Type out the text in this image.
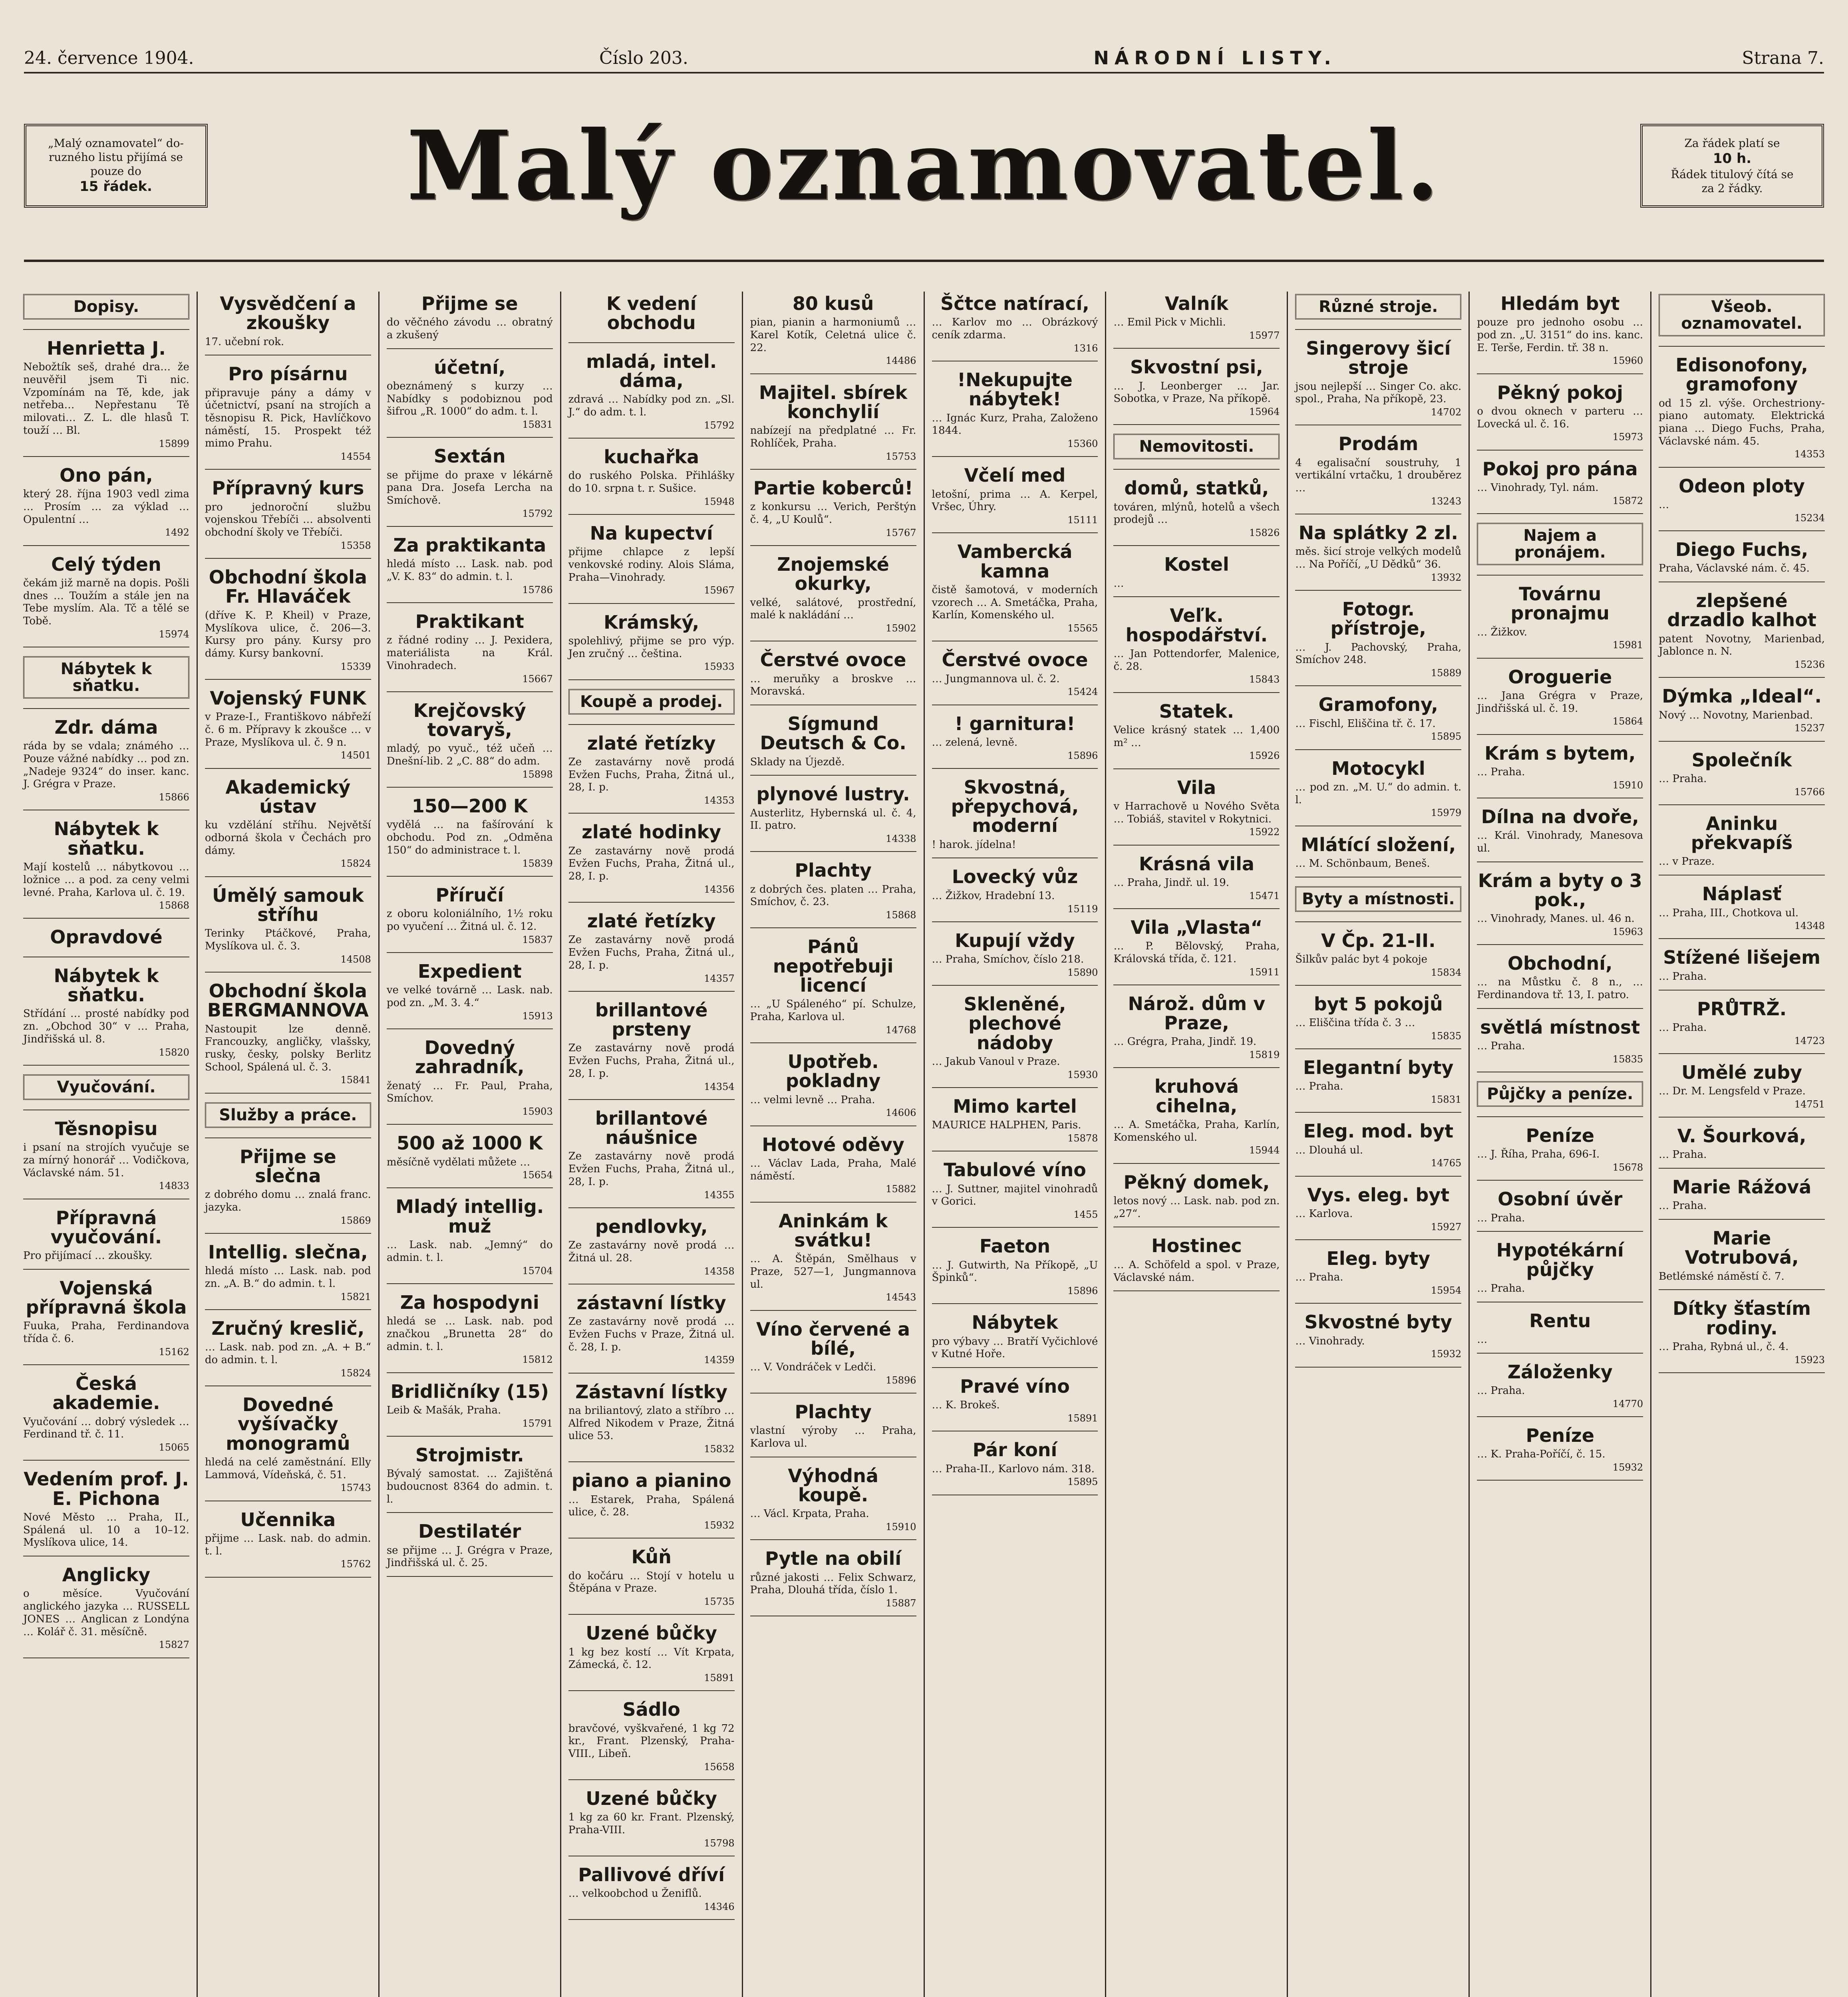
24. července 1904.	Číslo 203.	NÁRODNÍ LISTY.	Strana 7.
„Malý oznamovatel“ do-
ruzného listu přijímá se
pouze do
15 řádek.	Malý oznamovatel.	Za řádek platí se
10 h.
Řádek titulový čítá se
za 2 řádky.
Dopisy.
Henrietta J.

Nebožtík seš, drahé dra… že neuvěřil jsem Ti nic. Vzpomínám na Tě, kde, jak netřeba… Nepřestanu Tě milovati… Z. L. dle hlasů T. touží … Bl.

15899
Ono pán,

který 28. října 1903 vedl zima … Prosím … za výklad … Opulentní …

1492
Celý týden

čekám již marně na dopis. Pošli dnes … Toužím a stále jen na Tebe myslím. Ala. Tč a tělé se Tobě.

15974
Nábytek k sňatku.
Zdr. dáma

ráda by se vdala; známého … Pouze vážné nabídky … pod zn. „Nadeje 9324“ do inser. kanc. J. Grégra v Praze.

15866
Nábytek k sňatku.

Mají kostelů … nábytkovou … ložnice … a pod. za ceny velmi levné. Praha, Karlova ul. č. 19.

15868
Opravdové
Nábytek k sňatku.

Střídání … prosté nabídky pod zn. „Obchod 30“ v … Praha, Jindřišská ul. 8.

15820
Vyučování.
Těsnopisu

i psaní na strojích vyučuje se za mírný honorář … Vodičkova, Václavské nám. 51.

14833
Přípravná vyučování.

Pro přijímací … zkoušky.

Vojenská přípravná škola

Fuuka, Praha, Ferdinandova třída č. 6.

15162
Česká akademie.

Vyučování … dobrý výsledek … Ferdinand tř. č. 11.

15065
Vedením prof. J. E. Pichona

Nové Město … Praha, II., Spálená ul. 10 a 10–12. Myslíkova ulice, 14.

Anglicky

o měsíce. Vyučování anglického jazyka … RUSSELL JONES … Anglican z Londýna … Kolář č. 31. měsíčně.

15827
Vysvědčení a zkoušky

17. učební rok.

Pro písárnu

připravuje pány a dámy v účetnictví, psaní na strojích a těsnopisu R. Pick, Havlíčkovo náměstí, 15. Prospekt též mimo Prahu.

14554
Přípravný kurs

pro jednoroční službu vojenskou Třebíči … absolventi obchodní školy ve Třebíči.

15358
Obchodní škola Fr. Hlaváček

(dříve K. P. Kheil) v Praze, Myslíkova ulice, č. 206—3. Kursy pro pány. Kursy pro dámy. Kursy bankovní.

15339
Vojenský FUNK

v Praze-I., Františkovo nábřeží č. 6 m. Přípravy k zkoušce … v Praze, Myslíkova ul. č. 9 n.

14501
Akademický ústav

ku vzdělání stříhu. Největší odborná škola v Čechách pro dámy.

15824
Úmělý samouk stříhu

Terinky Ptáčkové, Praha, Myslíkova ul. č. 3.

14508
Obchodní škola BERGMANNOVA

Nastoupit lze denně. Francouzky, angličky, vlašsky, rusky, česky, polsky Berlitz School, Spálená ul. č. 3.

15841
Služby a práce.
Přijme se slečna

z dobrého domu … znalá franc. jazyka.

15869
Intellig. slečna,

hledá místo … Lask. nab. pod zn. „A. B.“ do admin. t. l.

15821
Zručný kreslič,

… Lask. nab. pod zn. „A. + B.“ do admin. t. l.

15824
Dovedné vyšívačky monogramů

hledá na celé zaměstnání. Elly Lammová, Vídeňská, č. 51.

15743
Učennika

přijme … Lask. nab. do admin. t. l.

15762
Přijme se

do věčného závodu … obratný a zkušený

účetní,

obeznámený s kurzy … Nabídky s podobiznou pod šifrou „R. 1000“ do adm. t. l.

15831
Sextán

se přijme do praxe v lékárně pana Dra. Josefa Lercha na Smíchově.

15792
Za praktikanta

hledá místo … Lask. nab. pod „V. K. 83“ do admin. t. l.

15786
Praktikant

z řádné rodiny … J. Pexidera, materiálista na Král. Vinohradech.

15667
Krejčovský tovaryš,

mladý, po vyuč., též učeň … Dnešní-lib. 2 „C. 88“ do adm.

15898
150—200 K

vydělá … na fašírování k obchodu. Pod zn. „Odměna 150“ do administrace t. l.

15839
Příručí

z oboru koloniálního, 1½ roku po vyučení … Žitná ul. č. 12.

15837
Expedient

ve velké továrně … Lask. nab. pod zn. „M. 3. 4.“

15913
Dovedný zahradník,

ženatý … Fr. Paul, Praha, Smíchov.

15903
500 až 1000 K

měsíčně vydělati můžete …

15654
Mladý intellig. muž

… Lask. nab. „Jemný“ do admin. t. l.

15704
Za hospodyni

hledá se … Lask. nab. pod značkou „Brunetta 28“ do admin. t. l.

15812
Bridličníky (15)

Leib & Mašák, Praha.

15791
Strojmistr.

Bývalý samostat. … Zajištěná budoucnost 8364 do admin. t. l.

Destilatér

se přijme … J. Grégra v Praze, Jindřišská ul. č. 25.

K vedení obchodu
mladá, intel. dáma,

zdravá … Nabídky pod zn. „Sl. J.“ do adm. t. l.

15792
kuchařka

do ruského Polska. Přihlášky do 10. srpna t. r. Sušice.

15948
Na kupectví

přijme chlapce z lepší venkovské rodiny. Alois Sláma, Praha—Vinohrady.

15967
Krámský,

spolehlivý, přijme se pro výp. Jen zručný … čeština.

15933
Koupě a prodej.
zlaté řetízky

Ze zastavárny nově prodá Evžen Fuchs, Praha, Žitná ul., 28, I. p.

14353
zlaté hodinky

Ze zastavárny nově prodá Evžen Fuchs, Praha, Žitná ul., 28, I. p.

14356
zlaté řetízky

Ze zastavárny nově prodá Evžen Fuchs, Praha, Žitná ul., 28, I. p.

14357
brillantové prsteny

Ze zastavárny nově prodá Evžen Fuchs, Praha, Žitná ul., 28, I. p.

14354
brillantové náušnice

Ze zastavárny nově prodá Evžen Fuchs, Praha, Žitná ul., 28, I. p.

14355
pendlovky,

Ze zastavárny nově prodá … Žitná ul. 28.

14358
zástavní lístky

Ze zastavárny nově prodá … Evžen Fuchs v Praze, Žitná ul. č. 28, I. p.

14359
Zástavní lístky

na briliantový, zlato a stříbro … Alfred Nikodem v Praze, Žitná ulice 53.

15832
piano a pianino

… Estarek, Praha, Spálená ulice, č. 28.

15932
Kůň

do kočáru … Stojí v hotelu u Štěpána v Praze.

15735
Uzené bůčky

1 kg bez kostí … Vít Krpata, Zámecká, č. 12.

15891
Sádlo

bravčové, vyškvařené, 1 kg 72 kr., Frant. Plzenský, Praha-VIII., Libeň.

15658
Uzené bůčky

1 kg za 60 kr. Frant. Plzenský, Praha-VIII.

15798
Pallivové dříví

… velkoobchod u Ženiflů.

14346
80 kusů

pian, pianin a harmoniumů … Karel Kotík, Celetná ulice č. 22.

14486
Majitel. sbírek konchylií

nabízejí na předplatné … Fr. Rohlíček, Praha.

15753
Partie koberců!

z konkursu … Verich, Perštýn č. 4, „U Koulů“.

15767
Znojemské okurky,

velké, salátové, prostřední, malé k nakládání …

15902
Čerstvé ovoce

… meruňky a broskve … Moravská.

Sígmund Deutsch & Co.

Sklady na Újezdě.

plynové lustry.

Austerlitz, Hybernská ul. č. 4, II. patro.

14338
Plachty

z dobrých čes. platen … Praha, Smíchov, č. 23.

15868
Pánů nepotřebuji licencí

… „U Spáleného“ pí. Schulze, Praha, Karlova ul.

14768
Upotřeb. pokladny

… velmi levně … Praha.

14606
Hotové oděvy

… Václav Lada, Praha, Malé náměstí.

15882
Aninkám k svátku!

… A. Štěpán, Smělhaus v Praze, 527—1, Jungmannova ul.

14543
Víno červené a bílé,

… V. Vondráček v Ledči.

15896
Plachty

vlastní výroby … Praha, Karlova ul.

Výhodná koupě.

… Václ. Krpata, Praha.

15910
Pytle na obilí

různé jakosti … Felix Schwarz, Praha, Dlouhá třída, číslo 1.

15887
Ščtce natírací,

… Karlov mo … Obrázkový ceník zdarma.

1316
!Nekupujte nábytek!

… Ignác Kurz, Praha, Založeno 1844.

15360
Včelí med

letošní, prima … A. Kerpel, Vršec, Úhry.

15111
Vambercká kamna

čistě šamotová, v moderních vzorech … A. Smetáčka, Praha, Karlín, Komenského ul.

15565
Čerstvé ovoce

… Jungmannova ul. č. 2.

15424
! garnitura!

… zelená, levně.

15896
Skvostná, přepychová, moderní

! harok. jídelna!

Lovecký vůz

… Žižkov, Hradební 13.

15119
Kupují vždy

… Praha, Smíchov, číslo 218.

15890
Skleněné, plechové nádoby

… Jakub Vanoul v Praze.

15930
Mimo kartel

MAURICE HALPHEN, Paris.

15878
Tabulové víno

… J. Suttner, majitel vinohradů v Gorici.

1455
Faeton

… J. Gutwirth, Na Příkopě, „U Špinků“.

15896
Nábytek

pro výbavy … Bratří Vyčichlové v Kutné Hoře.

Pravé víno

… K. Brokeš.

15891
Pár koní

… Praha-II., Karlovo nám. 318.

15895
Valník

… Emil Pick v Michli.

15977
Skvostní psi,

… J. Leonberger … Jar. Sobotka, v Praze, Na příkopě.

15964
Nemovitosti.
domů, statků,

továren, mlýnů, hotelů a všech prodejů …

15826
Kostel

…

Veľk. hospodářství.

… Jan Pottendorfer, Malenice, č. 28.

15843
Statek.

Velice krásný statek … 1,400 m² …

15926
Vila

v Harrachově u Nového Světa … Tobiáš, stavitel v Rokytnici.

15922
Krásná vila

… Praha, Jindř. ul. 19.

15471
Vila „Vlasta“

… P. Bělovský, Praha, Královská třída, č. 121.

15911
Nárož. dům v Praze,

… Grégra, Praha, Jindř. 19.

15819
kruhová cihelna,

… A. Smetáčka, Praha, Karlín, Komenského ul.

15944
Pěkný domek,

letos nový … Lask. nab. pod zn. „27“.

Hostinec

… A. Schöfeld a spol. v Praze, Václavské nám.

Různé stroje.
Singerovy šicí stroje

jsou nejlepší … Singer Co. akc. spol., Praha, Na příkopě, 23.

14702
Prodám

4 egalisační soustruhy, 1 vertikální vrtačku, 1 drouběrez …

13243
Na splátky 2 zl.

měs. šicí stroje velkých modelů … Na Poříčí, „U Dědků“ 36.

13932
Fotogr. přístroje,

… J. Pachovský, Praha, Smíchov 248.

15889
Gramofony,

… Fischl, Eliščina tř. č. 17.

15895
Motocykl

… pod zn. „M. U.“ do admin. t. l.

15979
Mlátící složení,

… M. Schönbaum, Beneš.

Byty a místnosti.
V Čp. 21-II.

Šilkův palác byt 4 pokoje

15834
byt 5 pokojů

… Eliščina třída č. 3 …

15835
Elegantní byty

… Praha.

15831
Eleg. mod. byt

… Dlouhá ul.

14765
Vys. eleg. byt

… Karlova.

15927
Eleg. byty

… Praha.

15954
Skvostné byty

… Vinohrady.

15932
Hledám byt

pouze pro jednoho osobu … pod zn. „U. 3151“ do ins. kanc. E. Terše, Ferdin. tř. 38 n.

15960
Pěkný pokoj

o dvou oknech v parteru … Lovecká ul. č. 16.

15973
Pokoj pro pána

… Vinohrady, Tyl. nám.

15872
Najem a pronájem.
Továrnu pronajmu

… Žižkov.

15981
Oroguerie

… Jana Grégra v Praze, Jindřišská ul. č. 19.

15864
Krám s bytem,

… Praha.

15910
Dílna na dvoře,

… Král. Vinohrady, Manesova ul.

Krám a byty o 3 pok.,

… Vinohrady, Manes. ul. 46 n.

15963
Obchodní,

… na Můstku č. 8 n., … Ferdinandova tř. 13, I. patro.

světlá místnost

… Praha.

15835
Půjčky a peníze.
Peníze

… J. Říha, Praha, 696-I.

15678
Osobní úvěr

… Praha.

Hypotékární půjčky

… Praha.

Rentu

…

Záloženky

… Praha.

14770
Peníze

… K. Praha-Poříčí, č. 15.

15932
Všeob. oznamovatel.
Edisonofony, gramofony

od 15 zl. výše. Orchestriony-piano automaty. Elektrická piana … Diego Fuchs, Praha, Václavské nám. 45.

14353
Odeon ploty

…

15234
Diego Fuchs,

Praha, Václavské nám. č. 45.

zlepšené drzadlo kalhot

patent Novotny, Marienbad, Jablonce n. N.

15236
Dýmka „Ideal“.

Nový … Novotny, Marienbad.

15237
Společník

… Praha.

15766
Aninku překvapíš

… v Praze.

Náplasť

… Praha, III., Chotkova ul.

14348
Stížené lišejem

… Praha.

PRŮTRŽ.

… Praha.

14723
Umělé zuby

… Dr. M. Lengsfeld v Praze.

14751
V. Šourková,

… Praha.

Marie Rážová

… Praha.

Marie Votrubová,

Betlémské náměstí č. 7.

Dítky šťastím rodiny.

… Praha, Rybná ul., č. 4.

15923
